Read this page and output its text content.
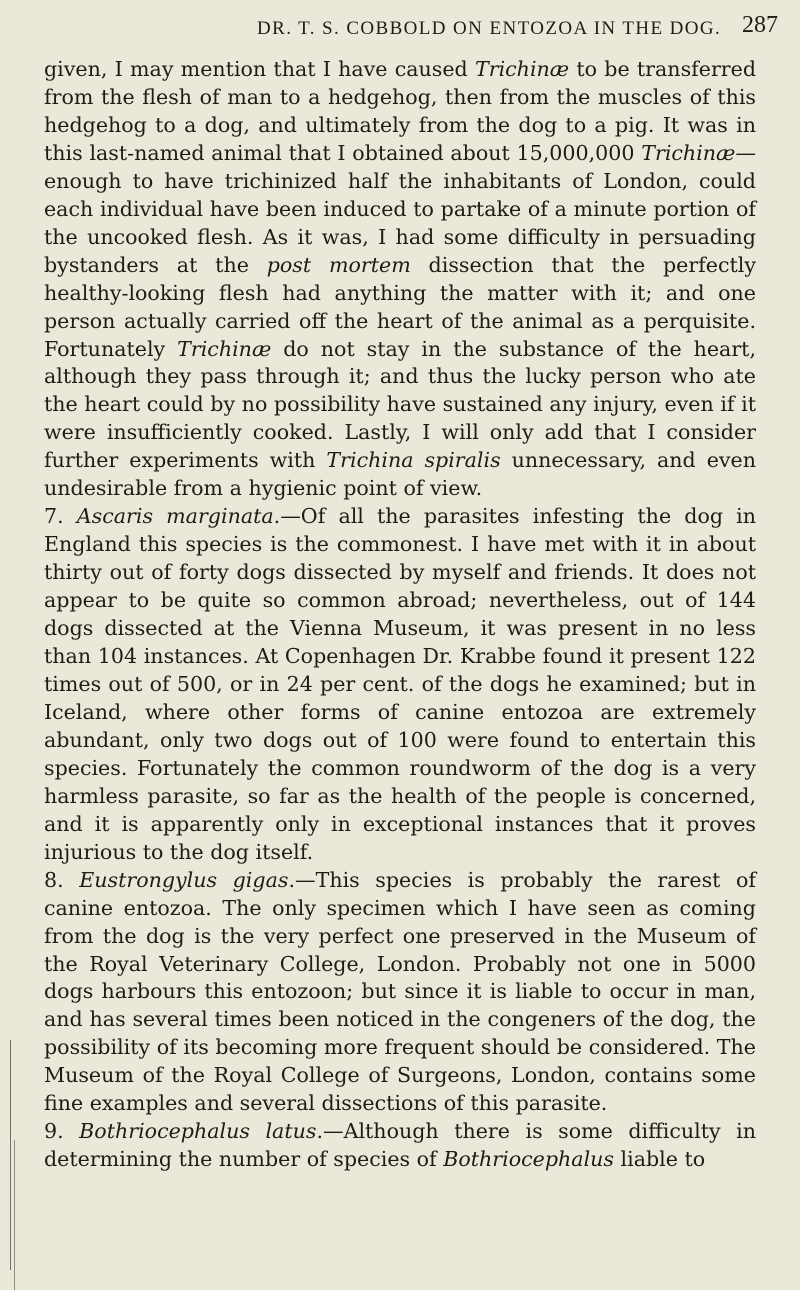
DR. T. S. COBBOLD ON ENTOZOA IN THE DOG. 287

given, I may mention that I have caused Trichinæ to be transferred from the flesh of man to a hedgehog, then from the muscles of this hedgehog to a dog, and ultimately from the dog to a pig. It was in this last-named animal that I obtained about 15,000,000 Trichinæ—enough to have trichinized half the inhabitants of London, could each individual have been induced to partake of a minute portion of the uncooked flesh. As it was, I had some difficulty in persuading bystanders at the post mortem dissection that the perfectly healthy-looking flesh had anything the matter with it; and one person actually carried off the heart of the animal as a perquisite. Fortunately Trichinæ do not stay in the substance of the heart, although they pass through it; and thus the lucky person who ate the heart could by no possibility have sustained any injury, even if it were insufficiently cooked. Lastly, I will only add that I consider further experiments with Trichina spiralis unnecessary, and even undesirable from a hygienic point of view.

7. Ascaris marginata.—Of all the parasites infesting the dog in England this species is the commonest. I have met with it in about thirty out of forty dogs dissected by myself and friends. It does not appear to be quite so common abroad; nevertheless, out of 144 dogs dissected at the Vienna Museum, it was present in no less than 104 instances. At Copenhagen Dr. Krabbe found it present 122 times out of 500, or in 24 per cent. of the dogs he examined; but in Iceland, where other forms of canine entozoa are extremely abundant, only two dogs out of 100 were found to entertain this species. Fortunately the common roundworm of the dog is a very harmless parasite, so far as the health of the people is concerned, and it is apparently only in exceptional instances that it proves injurious to the dog itself.

8. Eustrongylus gigas.—This species is probably the rarest of canine entozoa. The only specimen which I have seen as coming from the dog is the very perfect one preserved in the Museum of the Royal Veterinary College, London. Probably not one in 5000 dogs harbours this entozoon; but since it is liable to occur in man, and has several times been noticed in the congeners of the dog, the possibility of its becoming more frequent should be considered. The Museum of the Royal College of Surgeons, London, contains some fine examples and several dissections of this parasite.

9. Bothriocephalus latus.—Although there is some difficulty in determining the number of species of Bothriocephalus liable to
